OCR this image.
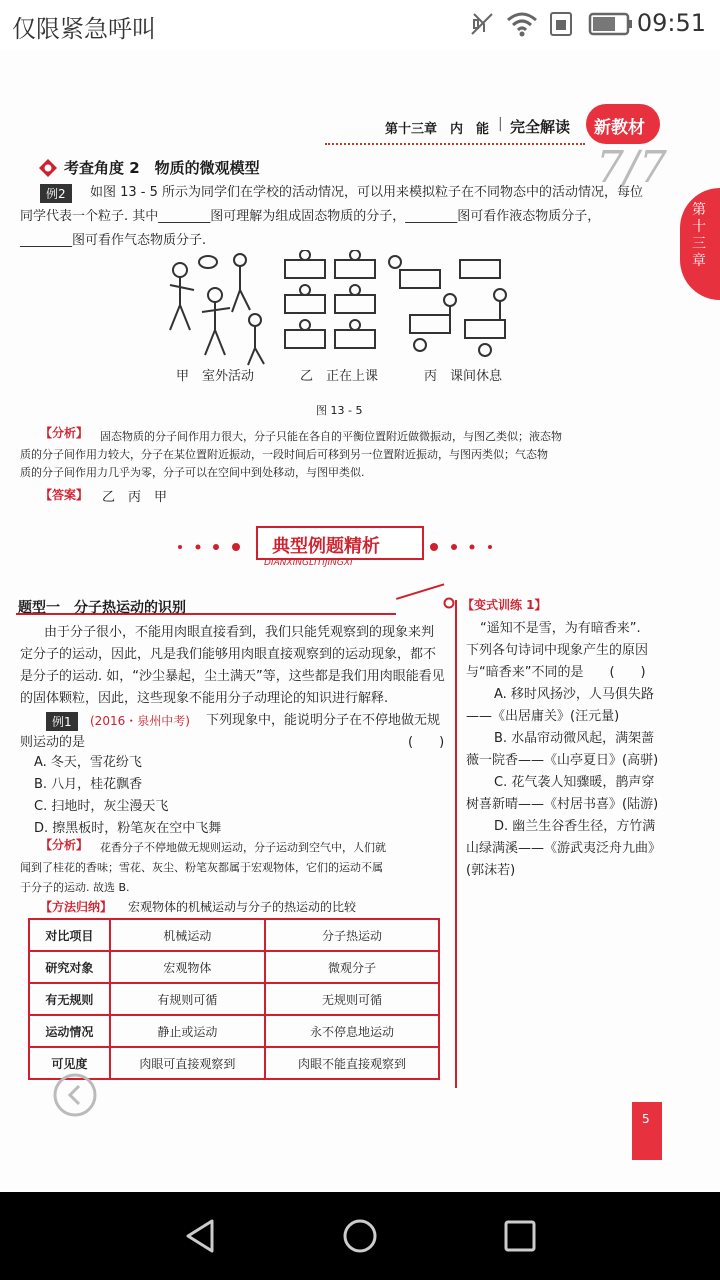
仅限紧急呼叫	09:51
第十三章　内　能 | 完全解读 新教材
7/7
第十三章
考查角度 2　物质的微观模型
例2	如图 13 - 5 所示为同学们在学校的活动情况，可以用来模拟粒子在不同物态中的活动情况，每位
同学代表一个粒子. 其中________图可理解为组成固态物质的分子，________图可看作液态物质分子，
________图可看作气态物质分子.
甲　室外活动	乙　正在上课	丙　课间休息
图 13 - 5
【分析】 固态物质的分子间作用力很大，分子只能在各自的平衡位置附近做微振动，与图乙类似；液态物
质的分子间作用力较大，分子在某位置附近振动，一段时间后可移到另一位置附近振动，与图丙类似；气态物
质的分子间作用力几乎为零，分子可以在空间中到处移动，与图甲类似.
【答案】 乙　丙　甲
典型例题精析
DIANXINGLITIJINGXI
题型一　分子热运动的识别
由于分子很小，不能用肉眼直接看到，我们只能凭观察到的现象来判
定分子的运动，因此，凡是我们能够用肉眼直接观察到的运动现象，都不
是分子的运动. 如，“沙尘暴起，尘土满天”等，这些都是我们用肉眼能看见
的固体颗粒，因此，这些现象不能用分子动理论的知识进行解释.
例1	(2016・泉州中考) 下列现象中，能说明分子在不停地做无规
则运动的是	(　　)
A. 冬天，雪花纷飞
B. 八月，桂花飘香
C. 扫地时，灰尘漫天飞
D. 擦黑板时，粉笔灰在空中飞舞
【分析】 花香分子不停地做无规则运动，分子运动到空气中，人们就
闻到了桂花的香味；雪花、灰尘、粉笔灰都属于宏观物体，它们的运动不属
于分子的运动. 故选 B.
【方法归纳】 宏观物体的机械运动与分子的热运动的比较
对比项目	机械运动	分子热运动
研究对象	宏观物体	微观分子
有无规则	有规则可循	无规则可循
运动情况	静止或运动	永不停息地运动
可见度	肉眼可直接观察到	肉眼不能直接观察到
【变式训练 1】
“遥知不是雪，为有暗香来”.
下列各句诗词中现象产生的原因
与“暗香来”不同的是　　(　　)
A. 移时风扬沙，人马俱失路
——《出居庸关》(汪元量)
B. 水晶帘动微风起，满架蔷
薇一院香——《山亭夏日》(高骈)
C. 花气袭人知骤暖，鹊声穿
树喜新晴——《村居书喜》(陆游)
D. 幽兰生谷香生径，方竹满
山绿满溪——《游武夷泛舟九曲》
(郭沫若)
5
